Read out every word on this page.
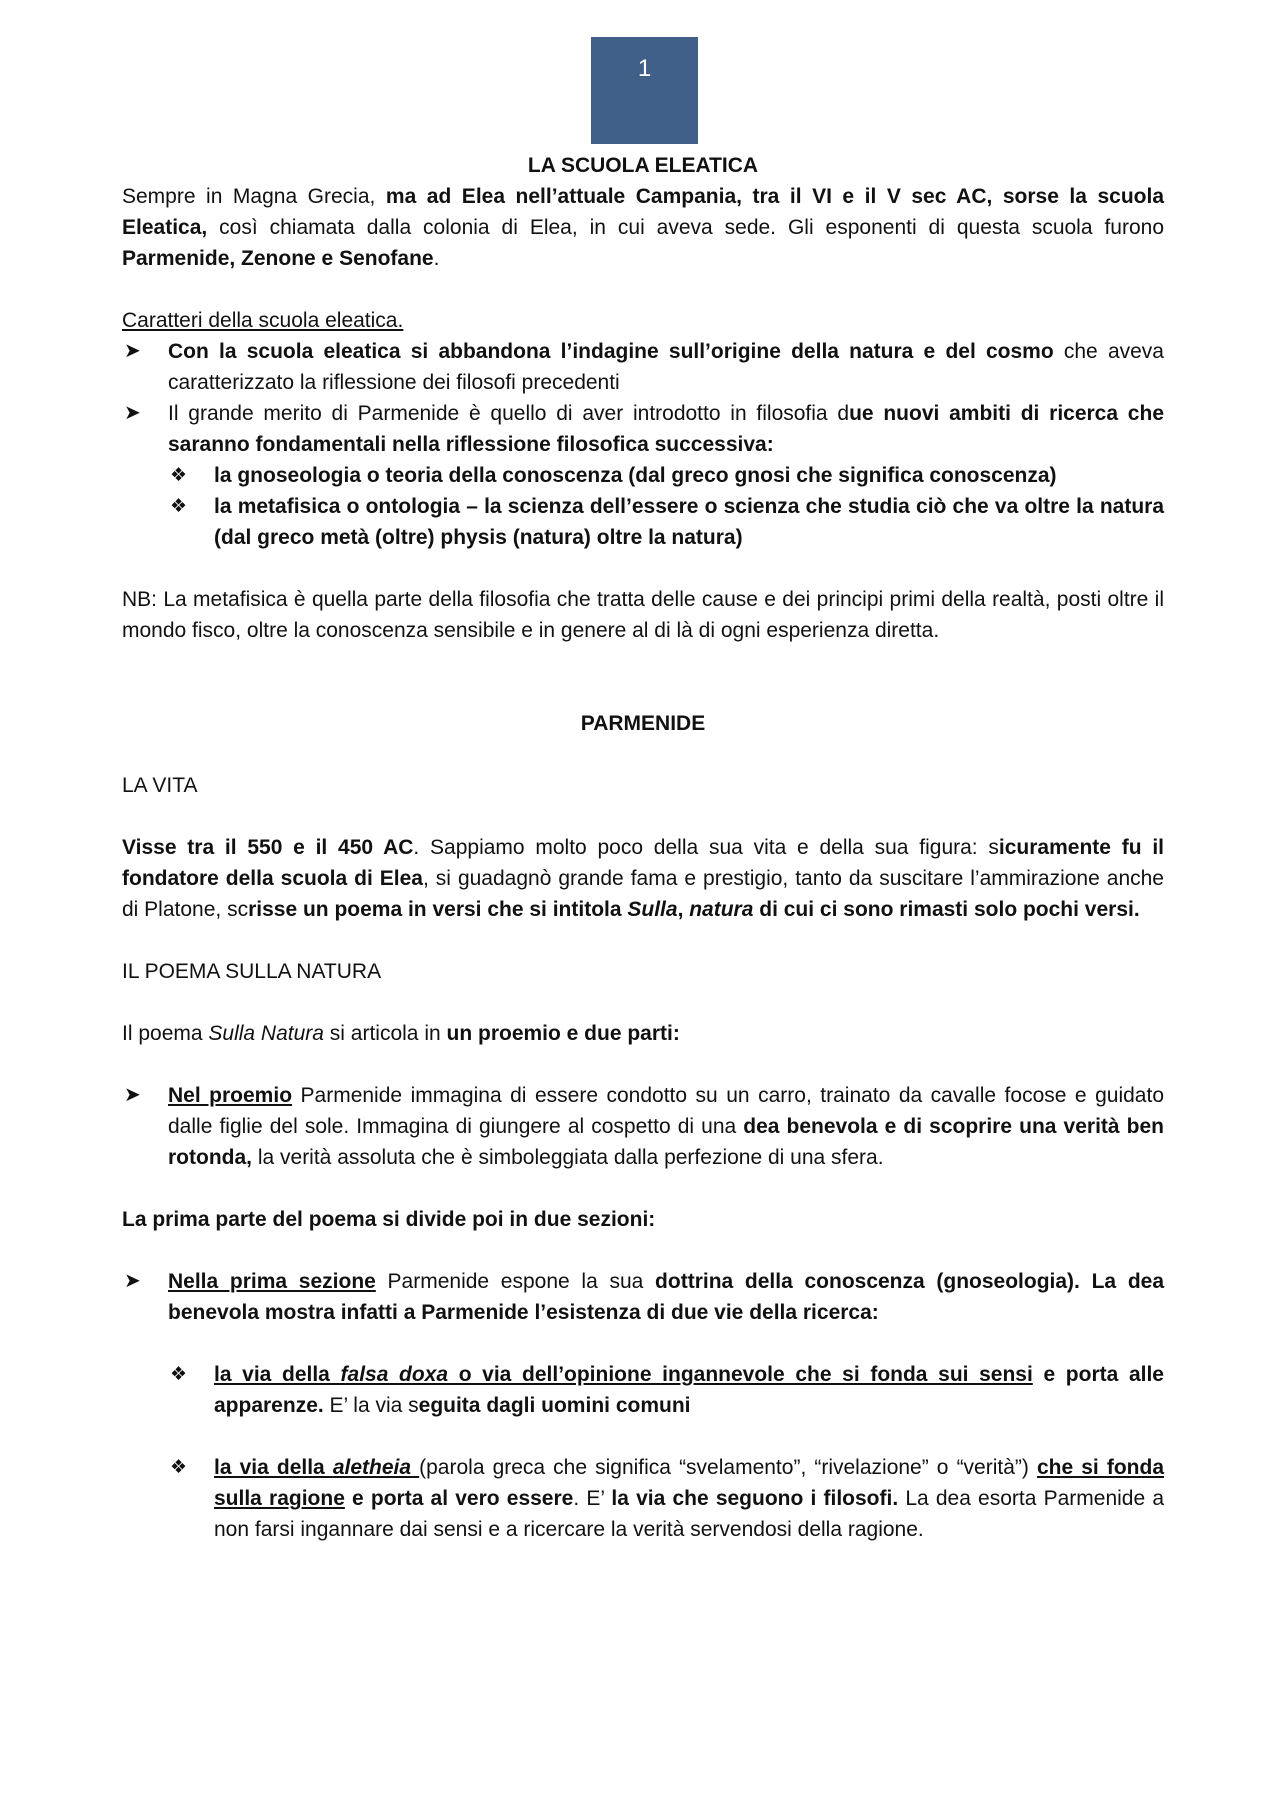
1

LA SCUOLA ELEATICA

Sempre in Magna Grecia, ma ad Elea nell’attuale Campania, tra il VI e il V sec AC, sorse la scuola Eleatica, così chiamata dalla colonia di Elea, in cui aveva sede. Gli esponenti di questa scuola furono Parmenide, Zenone e Senofane.

Caratteri della scuola eleatica.

➤ Con la scuola eleatica si abbandona l’indagine sull’origine della natura e del cosmo che aveva caratterizzato la riflessione dei filosofi precedenti
➤ Il grande merito di Parmenide è quello di aver introdotto in filosofia due nuovi ambiti di ricerca che saranno fondamentali nella riflessione filosofica successiva:
❖ la gnoseologia o teoria della conoscenza (dal greco gnosi che significa conoscenza)
❖ la metafisica o ontologia – la scienza dell’essere o scienza che studia ciò che va oltre la natura (dal greco metà (oltre) physis (natura) oltre la natura)

NB: La metafisica è quella parte della filosofia che tratta delle cause e dei principi primi della realtà, posti oltre il mondo fisco, oltre la conoscenza sensibile e in genere al di là di ogni esperienza diretta.

PARMENIDE

LA VITA

Visse tra il 550 e il 450 AC. Sappiamo molto poco della sua vita e della sua figura: sicuramente fu il fondatore della scuola di Elea, si guadagnò grande fama e prestigio, tanto da suscitare l’ammirazione anche di Platone, scrisse un poema in versi che si intitola Sulla, natura di cui ci sono rimasti solo pochi versi.

IL POEMA SULLA NATURA

Il poema Sulla Natura si articola in un proemio e due parti:

➤ Nel proemio Parmenide immagina di essere condotto su un carro, trainato da cavalle focose e guidato dalle figlie del sole. Immagina di giungere al cospetto di una dea benevola e di scoprire una verità ben rotonda, la verità assoluta che è simboleggiata dalla perfezione di una sfera.

La prima parte del poema si divide poi in due sezioni:

➤ Nella prima sezione Parmenide espone la sua dottrina della conoscenza (gnoseologia). La dea benevola mostra infatti a Parmenide l’esistenza di due vie della ricerca:
❖ la via della falsa doxa o via dell’opinione ingannevole che si fonda sui sensi e porta alle apparenze. E’ la via seguita dagli uomini comuni
❖ la via della aletheia (parola greca che significa “svelamento”, “rivelazione” o “verità”) che si fonda sulla ragione e porta al vero essere. E’ la via che seguono i filosofi. La dea esorta Parmenide a non farsi ingannare dai sensi e a ricercare la verità servendosi della ragione.
